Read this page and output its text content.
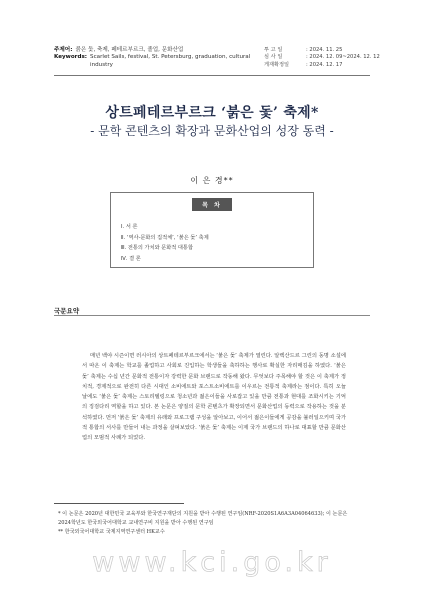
주제어: 붉은 돛, 축제, 페테르부르크, 졸업, 문화산업
Keywords: Scarlet Sails, festival, St. Petersburg, graduation, cultural industry
투 고 일	: 2024. 11. 25
심 사 일	: 2024. 12. 09~2024. 12. 12
게재확정일	: 2024. 12. 17
상트페테르부르크 ‘붉은 돛’ 축제*
- 문학 콘텐츠의 확장과 문화산업의 성장 동력 -
이 은 경**
목 차
Ⅰ. 서 론
Ⅱ. ‘역사-문화의 집적체’, ‘붉은 돛’ 축제
Ⅲ. 전통의 가치와 문화적 대통합
Ⅳ. 결 론
국문요약

매년 백야 시즌이면 러시아의 상트페테르부르크에서는 ‘붉은 돛’ 축제가 열린다. 알렉산드르 그린의 동명 소설에서 따온 이 축제는 학교를 졸업하고 사회로 진입하는 학생들을 축하하는 행사로 확실한 자리매김을 하였다. ‘붉은 돛’ 축제는 수십 년간 문화적 전통이자 강력한 문화 브랜드로 작동해 왔다. 무엇보다 주목해야 할 것은 이 축제가 정치적, 경제적으로 완전히 다른 시대인 소비에트와 포스트소비에트를 이우르는 전통적 축제라는 점이다. 특히 오늘날에도 ‘붉은 돛’ 축제는 스토리텔링으로 청소년과 젊은이들을 사로잡고 있을 만큼 전통과 현대를 조화시키는 기억의 징검다리 역할을 하고 있다. 본 논문은 양질의 문학 콘텐츠가 확장되면서 문화산업의 동력으로 작용하는 것을 분석하였다. 먼저 ‘붉은 돛’ 축제의 유래와 프로그램 구성을 알아보고, 이어서 젊은이들에게 공감을 불러일으키며 국가적 통합의 서사를 만들어 내는 과정을 살펴보았다. ‘붉은 돛’ 축제는 이제 국가 브랜드의 하나로 대표할 만큼 문화산업의 모범적 사례가 되었다.

* 이 논문은 2020년 대한민국 교육부와 한국연구재단의 지원을 받아 수행된 연구임(NRF-2020S1A6A3A04064633); 이 논문은 2024학년도 한국외국어대학교 교내연구비 지원을 받아 수행된 연구임
** 한국외국어대학교 국제지역연구센터 HK교수
www.kci.go.kr
